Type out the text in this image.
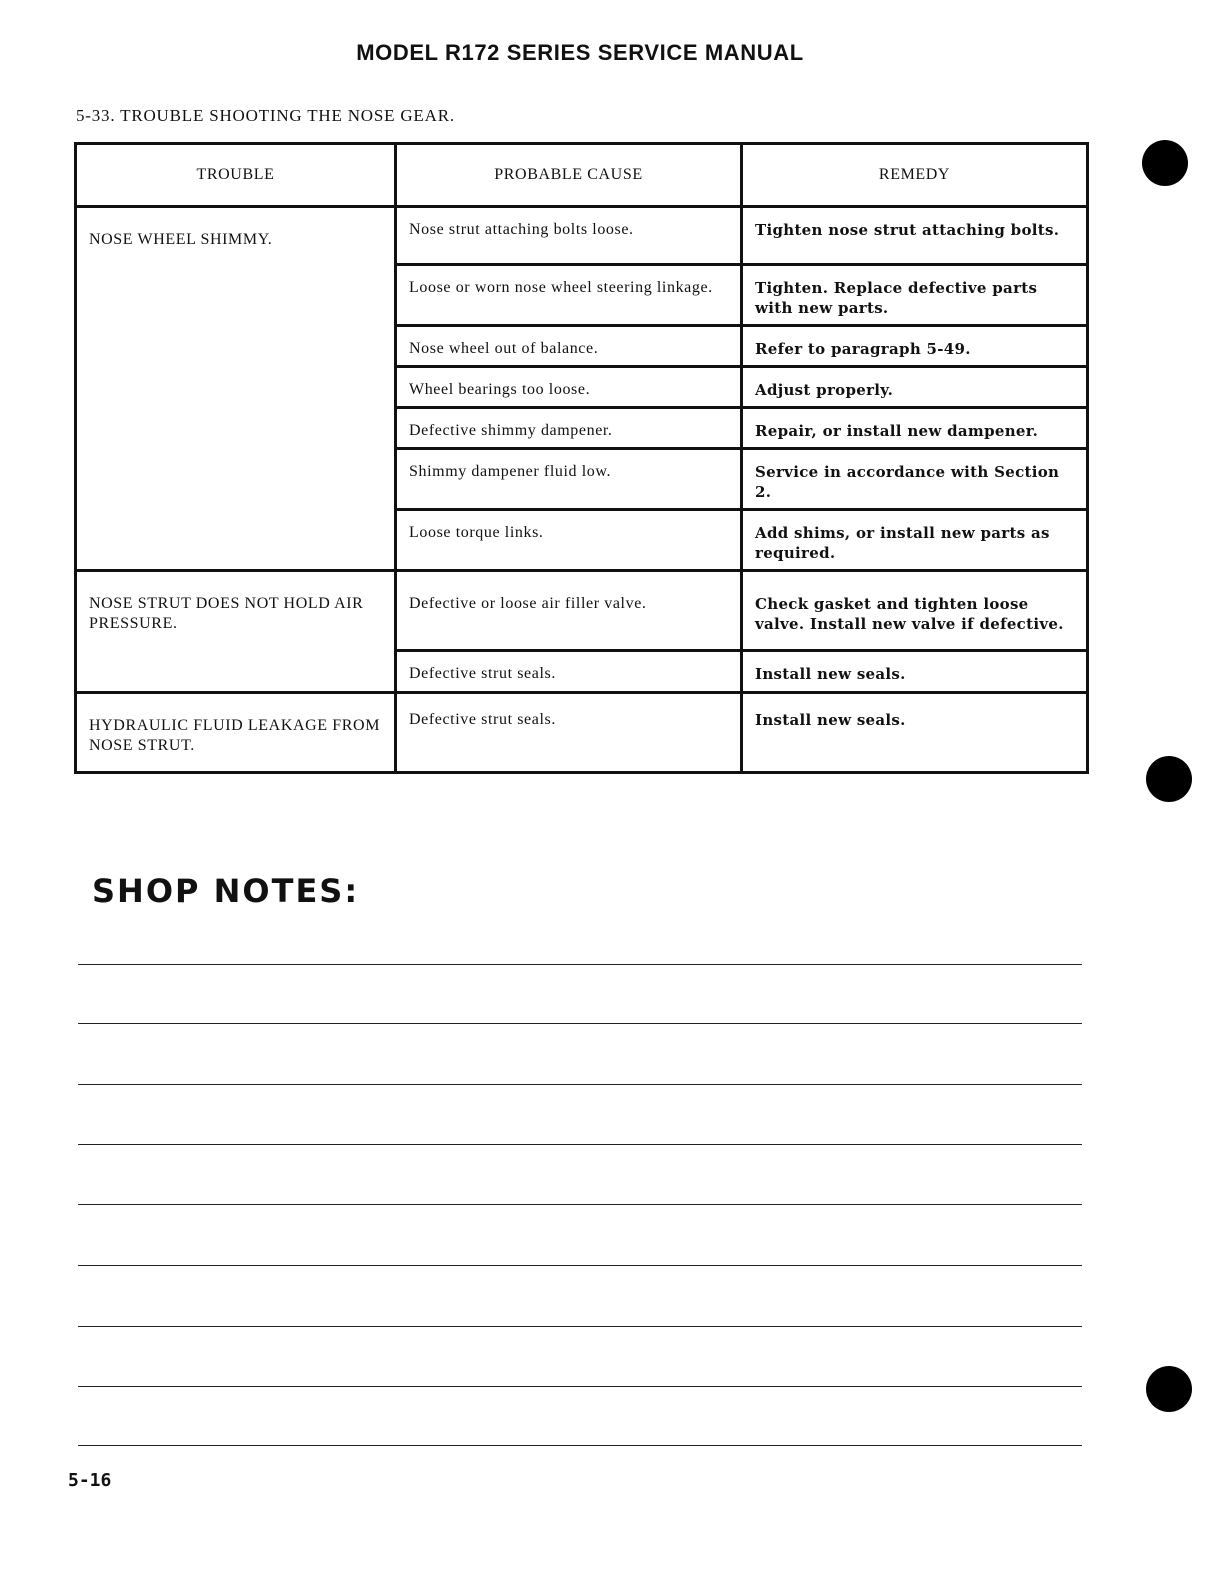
MODEL R172 SERIES SERVICE MANUAL
5-33. TROUBLE SHOOTING THE NOSE GEAR.
TROUBLE	PROBABLE CAUSE	REMEDY
NOSE WHEEL SHIMMY.	Nose strut attaching bolts loose.	Tighten nose strut attaching bolts.
	Loose or worn nose wheel steering linkage.	Tighten. Replace defective parts with new parts.
	Nose wheel out of balance.	Refer to paragraph 5-49.
	Wheel bearings too loose.	Adjust properly.
	Defective shimmy dampener.	Repair, or install new dampener.
	Shimmy dampener fluid low.	Service in accordance with Section 2.
	Loose torque links.	Add shims, or install new parts as required.
NOSE STRUT DOES NOT HOLD AIR PRESSURE.	Defective or loose air filler valve.	Check gasket and tighten loose valve. Install new valve if defective.
	Defective strut seals.	Install new seals.
HYDRAULIC FLUID LEAKAGE FROM NOSE STRUT.	Defective strut seals.	Install new seals.
SHOP NOTES:
5-16
